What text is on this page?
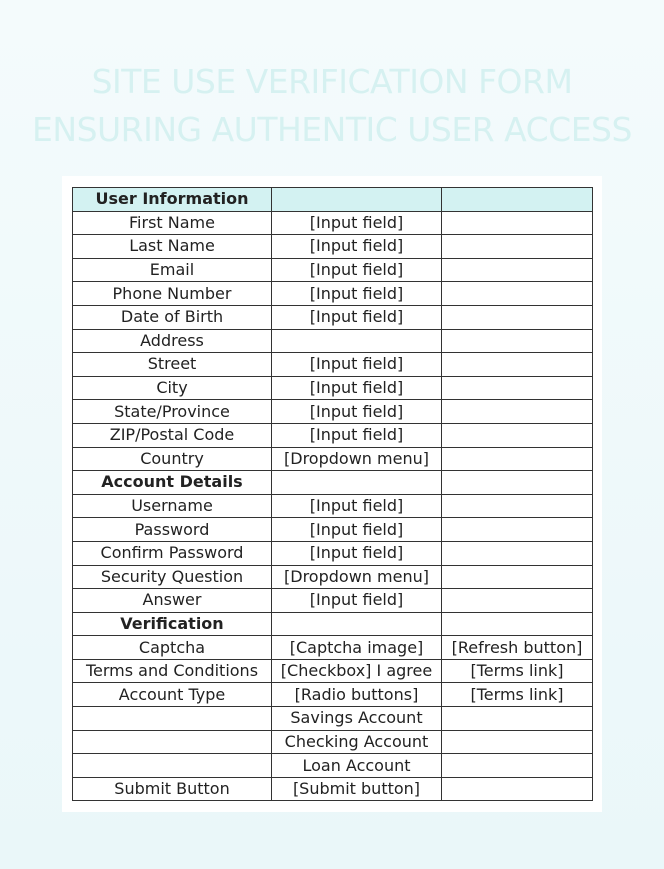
SITE USE VERIFICATION FORM
ENSURING AUTHENTIC USER ACCESS
User Information		
First Name	[Input field]	
Last Name	[Input field]	
Email	[Input field]	
Phone Number	[Input field]	
Date of Birth	[Input field]	
Address		
Street	[Input field]	
City	[Input field]	
State/Province	[Input field]	
ZIP/Postal Code	[Input field]	
Country	[Dropdown menu]	
Account Details		
Username	[Input field]	
Password	[Input field]	
Confirm Password	[Input field]	
Security Question	[Dropdown menu]	
Answer	[Input field]	
Verification		
Captcha	[Captcha image]	[Refresh button]
Terms and Conditions	[Checkbox] I agree	[Terms link]
Account Type	[Radio buttons]	[Terms link]
	Savings Account	
	Checking Account	
	Loan Account	
Submit Button	[Submit button]	
